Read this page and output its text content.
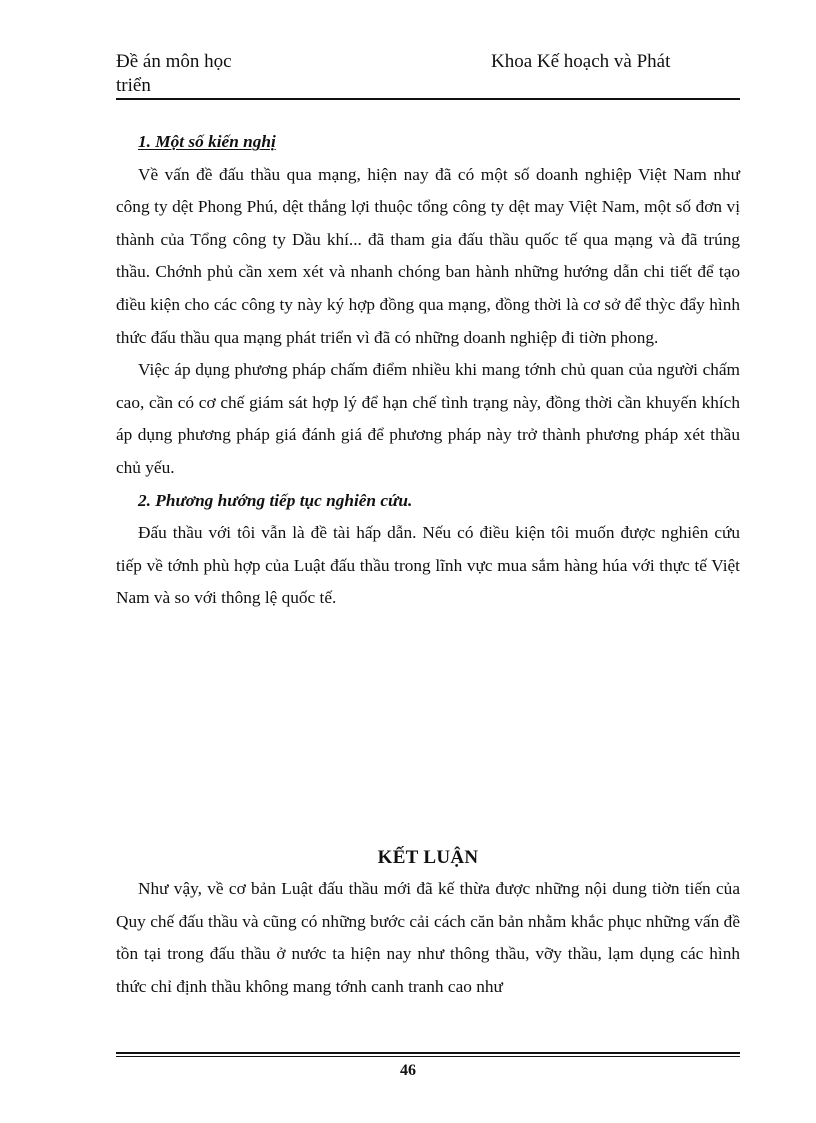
Đề án môn học
triển
Khoa Kế hoạch và Phát
1. Một số kiến nghị

Về vấn đề đấu thầu qua mạng, hiện nay đã có một số doanh nghiệp Việt Nam như công ty dệt Phong Phú, dệt thắng lợi thuộc tổng công ty dệt may Việt Nam, một số đơn vị thành của Tổng công ty Dầu khí... đã tham gia đấu thầu quốc tế qua mạng và đã trúng thầu. Chớnh phủ cần xem xét và nhanh chóng ban hành những hướng dẫn chi tiết để tạo điều kiện cho các công ty này ký hợp đồng qua mạng, đồng thời là cơ sở để thỳc đẩy hình thức đấu thầu qua mạng phát triển vì đã có những doanh nghiệp đi tiờn phong.

Việc áp dụng phương pháp chấm điểm nhiều khi mang tớnh chủ quan của người chấm cao, cần có cơ chế giám sát hợp lý để hạn chế tình trạng này, đồng thời cần khuyến khích áp dụng phương pháp giá đánh giá để phương pháp này trở thành phương pháp xét thầu chủ yếu.

2. Phương hướng tiếp tục nghiên cứu.

Đấu thầu với tôi vẫn là đề tài hấp dẫn. Nếu có điều kiện tôi muốn được nghiên cứu tiếp về tớnh phù hợp của Luật đấu thầu trong lĩnh vực mua sắm hàng húa với thực tế Việt Nam và so với thông lệ quốc tế.

KẾT LUẬN

Như vậy, về cơ bản Luật đấu thầu mới đã kế thừa được những nội dung tiờn tiến của Quy chế đấu thầu và cũng có những bước cải cách căn bản nhằm khắc phục những vấn đề tồn tại trong đấu thầu ở nước ta hiện nay như thông thầu, vỡy thầu, lạm dụng các hình thức chỉ định thầu không mang tớnh canh tranh cao như

46
